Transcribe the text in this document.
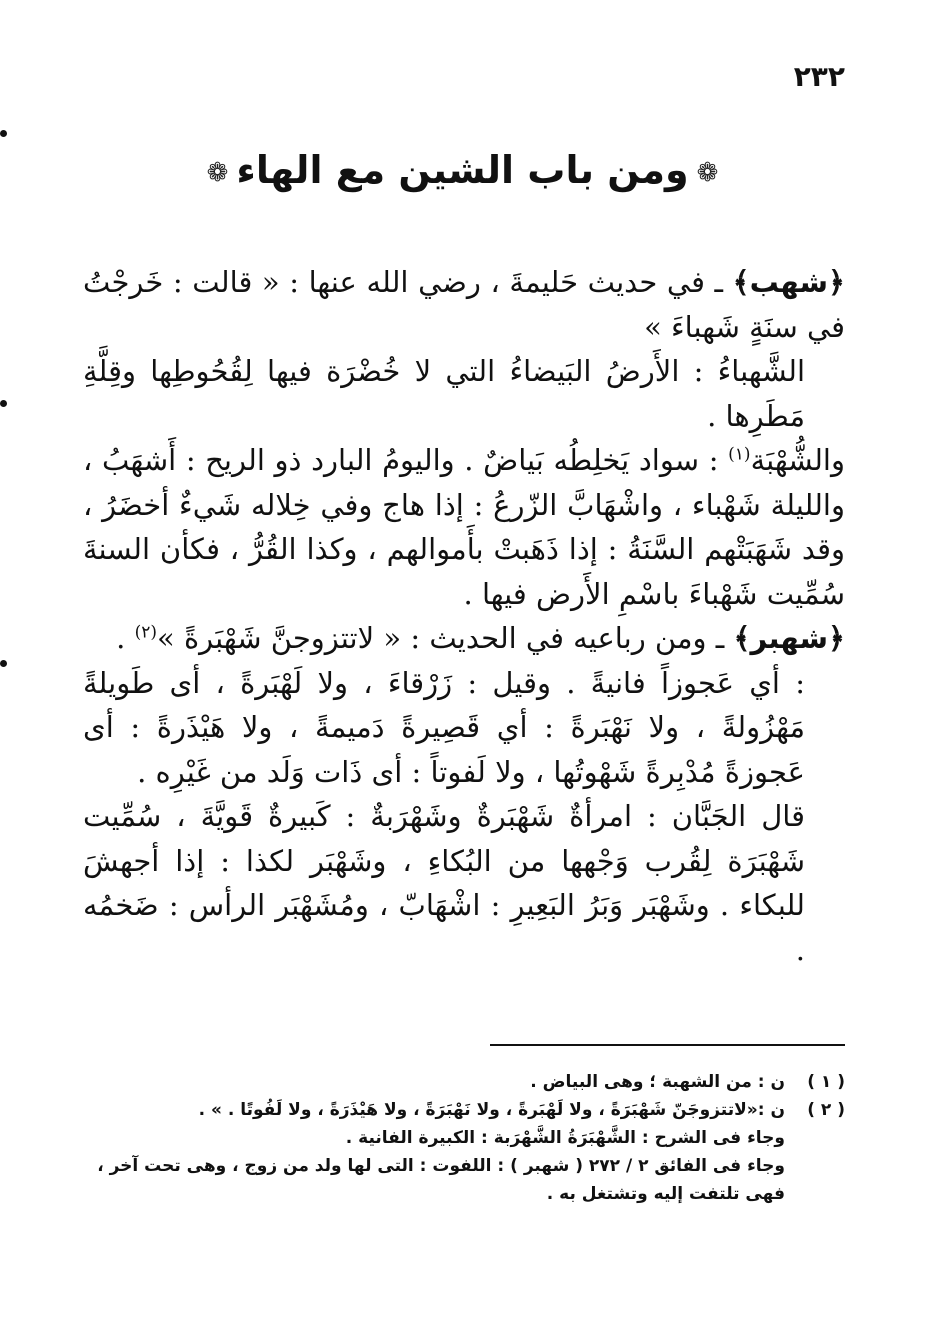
٢٣٢
❁ومن باب الشين مع الهاء❁

﴿شهب﴾ ـ في حديث حَليمةَ ، رضي الله عنها : « قالت : خَرجْتُ في سنَةٍ شَهباءَ »

الشَّهباءُ : الأَرضُ البَيضاءُ التي لا خُضْرَة فيها لِقُحُوطِها وقِلَّةِ مَطَرِها .

والشُّهْبَة$^{(١)}$ : سواد يَخلِطُه بَياضٌ . واليومُ البارد ذو الريح : أَشهَبُ ، والليلة شَهْباء ، واشْهَابَّ الزّرعُ : إذا هاج وفي خِلاله شَيءٌ أخضَرُ ، وقد شَهَبَتْهم السَّنَةُ : إذا ذَهَبتْ بأَموالهم ، وكذا القُرُّ ، فكأن السنةَ سُمِّيت شَهْباءَ باسْمِ الأَرض فيها .

﴿شهبر﴾ ـ ومن رباعيه في الحديث : « لاتتزوجنَّ شَهْبَرةً »$^{(٢)}$ .

: أي عَجوزاً فانيةً . وقيل : زَرْقاءَ ، ولا لَهْبَرةً ، أى طَويلةً مَهْزُولةً ، ولا نَهْبَرةً : أي قَصِيرةً دَميمةً ، ولا هَيْذَرةً : أى عَجوزةً مُدْبِرةً شَهْوتُها ، ولا لَفوتاً : أى ذَات وَلَد من غَيْرِه .

قال الجَبَّان : امرأةٌ شَهْبَرةٌ وشَهْرَبةٌ : كَبيرةٌ قَويَّةَ ، سُمِّيت شَهْبَرَة لِقُرب وَجْهها من البُكاءِ ، وشَهْبَر لكذا : إذا أجهشَ للبكاء . وشَهْبَر وَبَرُ البَعِيرِ : اشْهَابّ ، ومُشَهْبَر الرأس : ضَخمُه .

( ١ )
ن : من الشهبة ؛ وهى البياض .
( ٢ )
ن :«لاتتزوجَنّ شَهْبَرَةً ، ولا لَهْبَرةً ، ولا نَهْبَرَةً ، ولا هَيْذَرَةً ، ولا لَفُوتًا . » .
وجاء فى الشرح : الشَّهْبَرَةُ الشَّهْرَبة : الكبيرة الفانية .
وجاء فى الفائق ٢ / ٢٧٢ ( شهبر ) : اللفوت : التى لها ولد من زوج ، وهى تحت آخر ،
فهى تلتفت إليه وتشتغل به .
